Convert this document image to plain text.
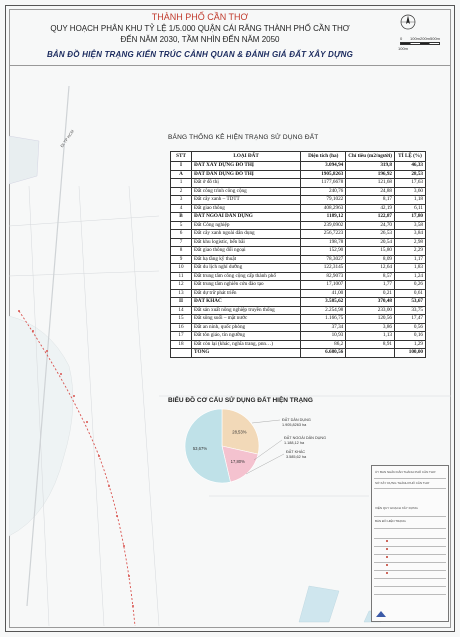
THÀNH PHỐ CẦN THƠ
QUY HOẠCH PHÂN KHU TỶ LỆ 1/5.000 QUẬN CÁI RĂNG THÀNH PHỐ CẦN THƠ
ĐẾN NĂM 2030, TẦM NHÌN ĐẾN NĂM 2050
BẢN ĐỒ HIỆN TRẠNG KIẾN TRÚC CẢNH QUAN & ĐÁNH GIÁ ĐẤT XÂY DỰNG
0 100m 200m 500m
100m
ĐI TP HCM	BẢNG THỐNG KÊ HIỆN TRẠNG SỬ DỤNG ĐẤT
STT	LOẠI ĐẤT	Diện tích (ha)	Chỉ tiêu (m2/người)	TỈ LỆ (%)
I	ĐẤT XÂY DỰNG ĐÔ THỊ	3.094,94	319,8	46,33
A	ĐẤT DÂN DỤNG ĐÔ THỊ	1905,8263	196,92	28,53
1	Đất ở đô thị	1177,6678	121,68	17,63
2	Đất công trình công cộng	240,76	24,88	3,60
3	Đất cây xanh – TDTT	79,1022	8,17	1,18
4	Đất giao thông	408,2963	42,19	6,11
B	ĐẤT NGOÀI DÂN DỤNG	1189,12	122,87	17,80
5	Đất Công nghiệp	239,0902	24,70	3,58
6	Đất cây xanh ngoài dân dụng	256,7223	26,53	3,84
7	Đất khu logistic, bến bãi	198,78	20,54	2,98
8	Đất giao thông đối ngoại	152,90	15,80	2,29
9	Đất hạ tầng kỹ thuật	78,3027	8,09	1,17
10	Đất du lịch nghỉ dưỡng	122,3145	12,64	1,83
11	Đất trung tâm công cộng cấp thành phố	82,9073	8,57	1,24
12	Đất trung tâm nghiên cứu đào tạo	17,1007	1,77	0,26
13	Đất dự trữ phát triển	41,00	0,21	0,61
II	ĐẤT KHÁC	3.585,62	370,48	53,67
14	Đất sản xuất nông nghiệp truyền thống	2.254,98	233,00	33,75
15	Đất sông suối – mặt nước	1.166,75	120,56	17,47
16	Đất an ninh, quốc phòng	37,34	3,86	0,56
17	Đất tôn giáo, tín ngưỡng	10,93	1,13	0,16
18	Đất còn lại (khác, nghĩa trang, pnn…)	86,2	8,91	1,29
	TỔNG	6.680,56		100,00
BIỂU ĐỒ CƠ CẤU SỬ DỤNG ĐẤT HIỆN TRẠNG
28,53%
17,80%
53,67%
ĐẤT DÂN DỤNG
1.905,8263 ha
ĐẤT NGOÀI DÂN DỤNG
1.188,12 ha
ĐẤT KHÁC
3.585,62 ha
ỦY BAN NHÂN DÂN THÀNH PHỐ CẦN THƠ
SỞ XÂY DỰNG THÀNH PHỐ CẦN THƠ
VIỆN QUY HOẠCH XÂY DỰNG
BẢN ĐỒ HIỆN TRẠNG
